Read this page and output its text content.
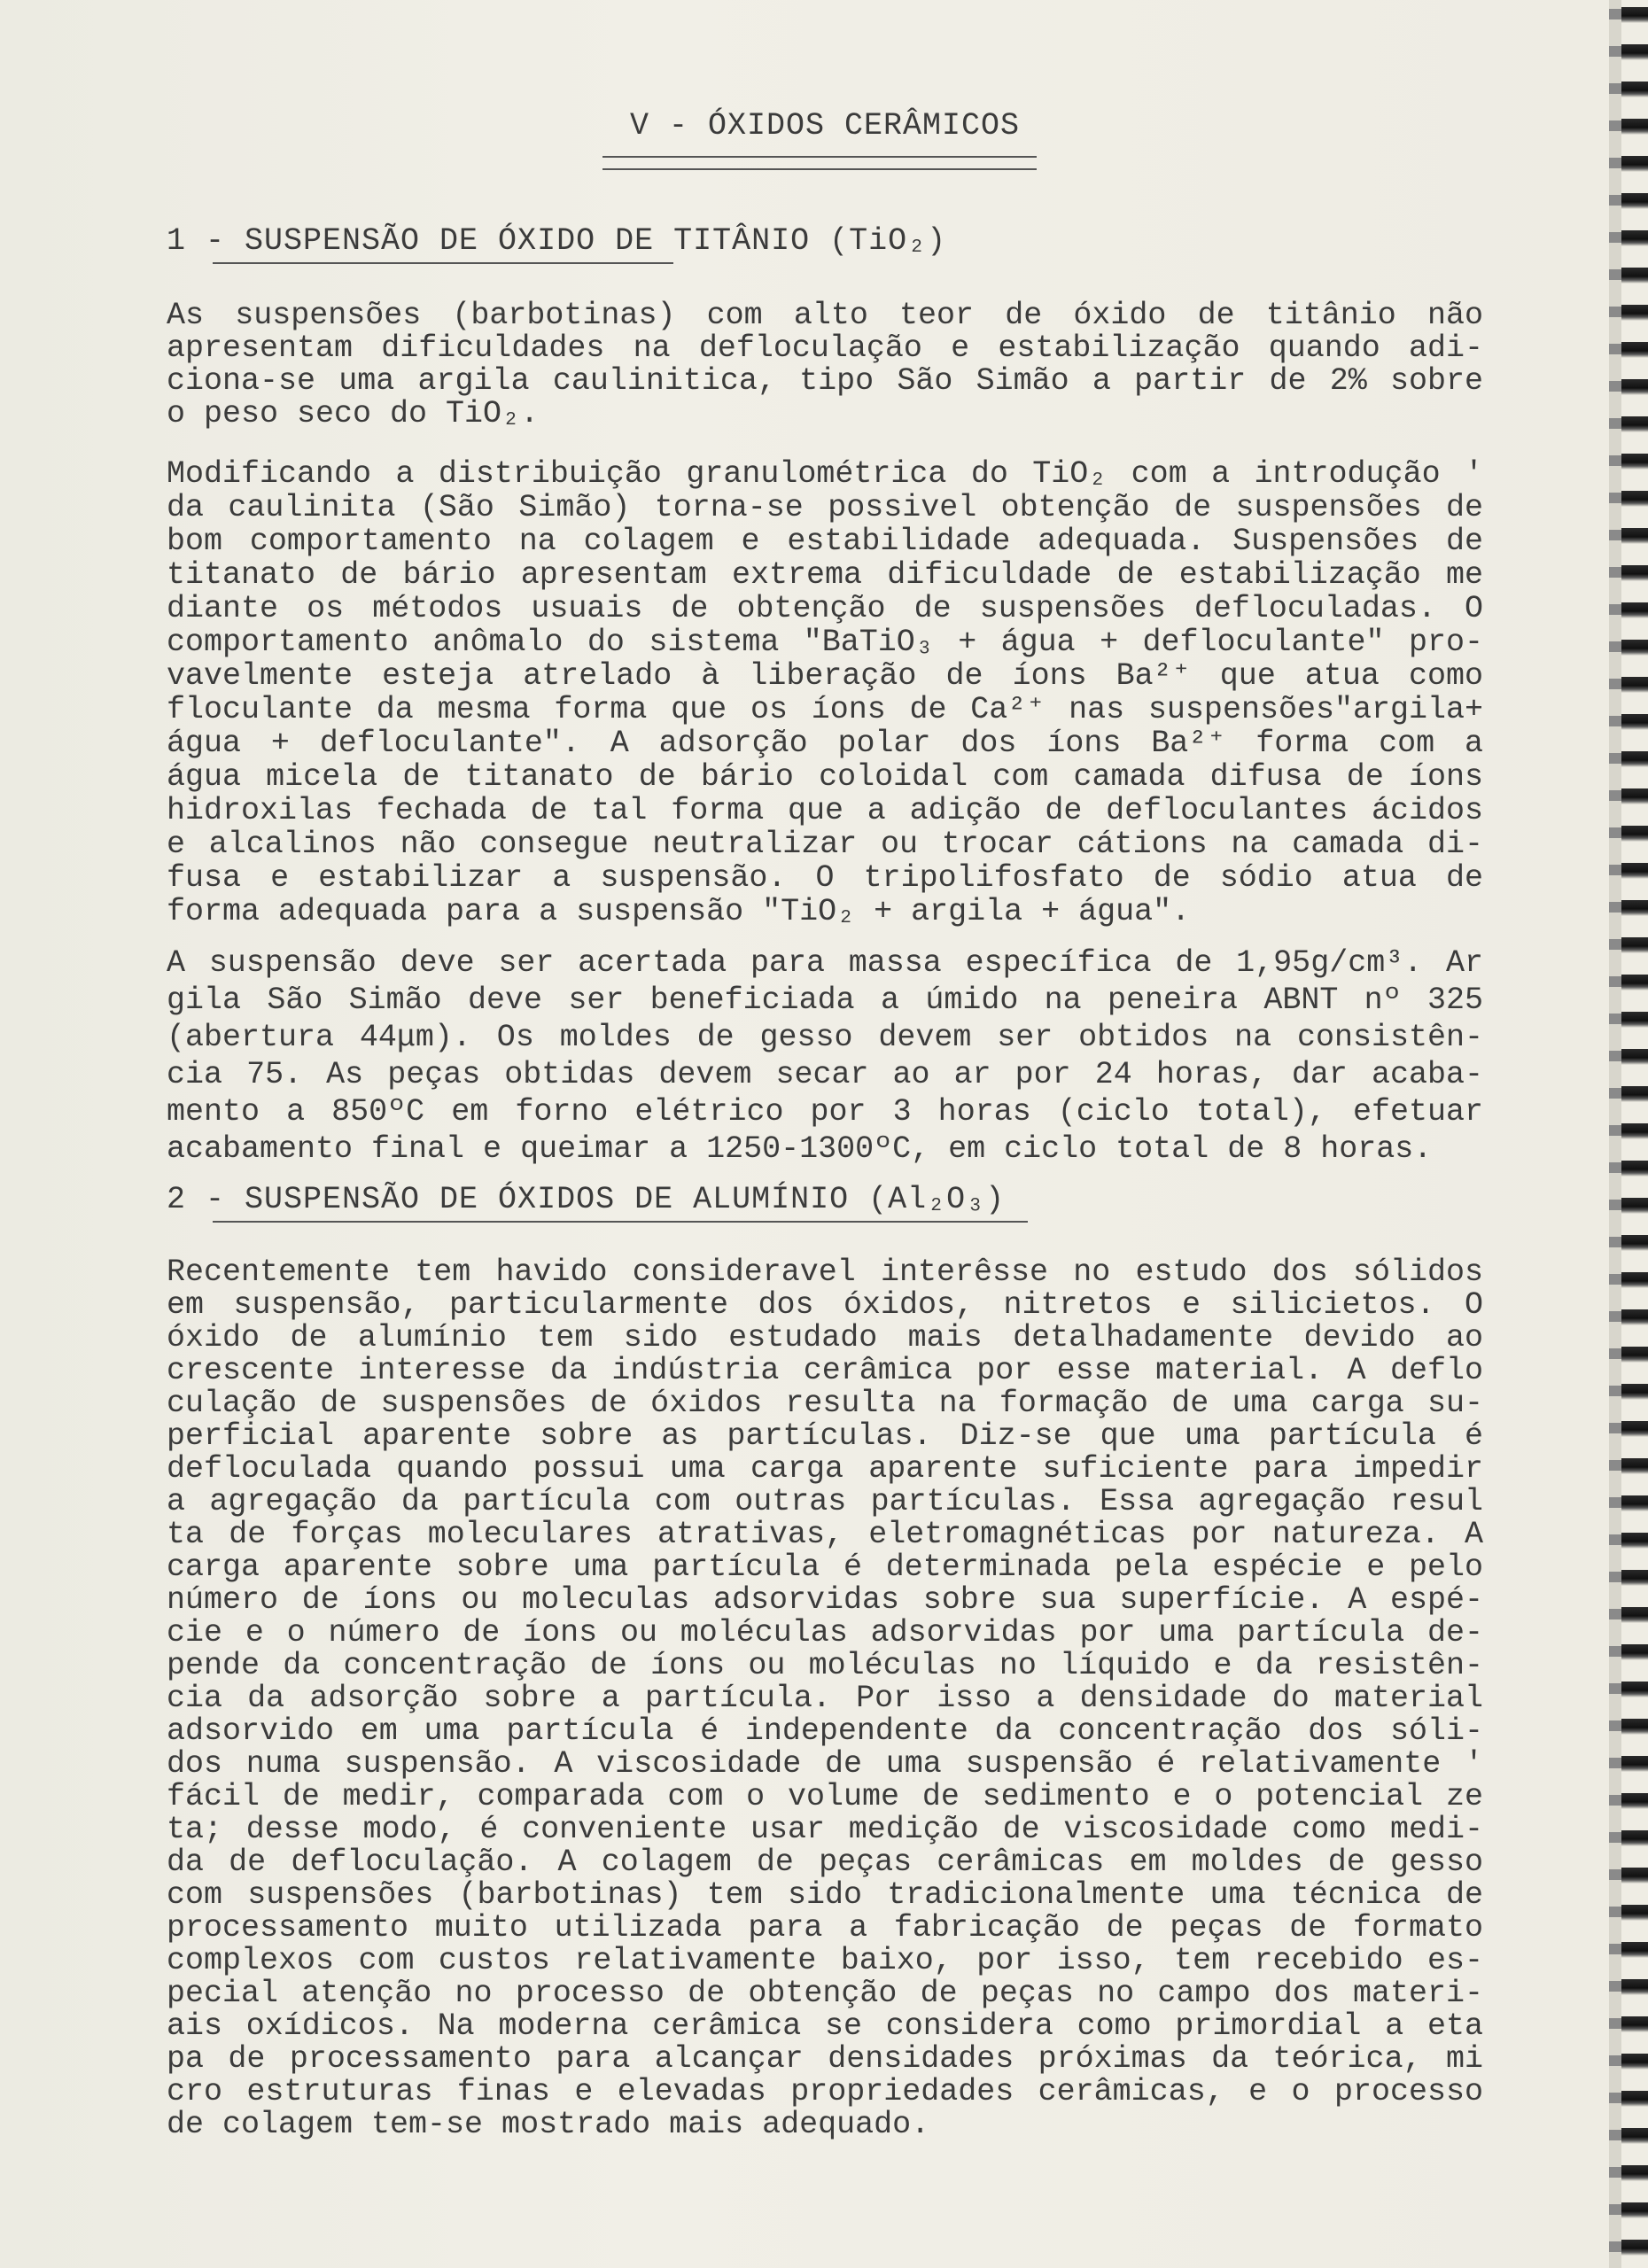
V - ÓXIDOS CERÂMICOS
1 - SUSPENSÃO DE ÓXIDO DE TITÂNIO (TiO₂)
As suspensões (barbotinas) com alto teor de óxido de titânio não
apresentam dificuldades na defloculação e estabilização quando adi-
ciona-se uma argila caulinitica, tipo São Simão a partir de 2% sobre
o peso seco do TiO₂.
Modificando a distribuição granulométrica do TiO₂ com a introdução '
da caulinita (São Simão) torna-se possivel obtenção de suspensões de
bom comportamento na colagem e estabilidade adequada. Suspensões de
titanato de bário apresentam extrema dificuldade de estabilização me
diante os métodos usuais de obtenção de suspensões defloculadas. O
comportamento anômalo do sistema "BaTiO₃ + água + defloculante" pro-
vavelmente esteja atrelado à liberação de íons Ba²⁺ que atua como
floculante da mesma forma que os íons de Ca²⁺ nas suspensões"argila+
água + defloculante". A adsorção polar dos íons Ba²⁺ forma com a
água micela de titanato de bário coloidal com camada difusa de íons
hidroxilas fechada de tal forma que a adição de defloculantes ácidos
e alcalinos não consegue neutralizar ou trocar cátions na camada di-
fusa e estabilizar a suspensão. O tripolifosfato de sódio atua de
forma adequada para a suspensão "TiO₂ + argila + água".
A suspensão deve ser acertada para massa específica de 1,95g/cm³. Ar
gila São Simão deve ser beneficiada a úmido na peneira ABNT nº 325
(abertura 44μm). Os moldes de gesso devem ser obtidos na consistên-
cia 75. As peças obtidas devem secar ao ar por 24 horas, dar acaba-
mento a 850ºC em forno elétrico por 3 horas (ciclo total), efetuar
acabamento final e queimar a 1250-1300ºC, em ciclo total de 8 horas.
2 - SUSPENSÃO DE ÓXIDOS DE ALUMÍNIO (Al₂O₃)
Recentemente tem havido consideravel interêsse no estudo dos sólidos
em suspensão, particularmente dos óxidos, nitretos e silicietos. O
óxido de alumínio tem sido estudado mais detalhadamente devido ao
crescente interesse da indústria cerâmica por esse material. A deflo
culação de suspensões de óxidos resulta na formação de uma carga su-
perficial aparente sobre as partículas. Diz-se que uma partícula é
defloculada quando possui uma carga aparente suficiente para impedir
a agregação da partícula com outras partículas. Essa agregação resul
ta de forças moleculares atrativas, eletromagnéticas por natureza. A
carga aparente sobre uma partícula é determinada pela espécie e pelo
número de íons ou moleculas adsorvidas sobre sua superfície. A espé-
cie e o número de íons ou moléculas adsorvidas por uma partícula de-
pende da concentração de íons ou moléculas no líquido e da resistên-
cia da adsorção sobre a partícula. Por isso a densidade do material
adsorvido em uma partícula é independente da concentração dos sóli-
dos numa suspensão. A viscosidade de uma suspensão é relativamente '
fácil de medir, comparada com o volume de sedimento e o potencial ze
ta; desse modo, é conveniente usar medição de viscosidade como medi-
da de defloculação. A colagem de peças cerâmicas em moldes de gesso
com suspensões (barbotinas) tem sido tradicionalmente uma técnica de
processamento muito utilizada para a fabricação de peças de formato
complexos com custos relativamente baixo, por isso, tem recebido es-
pecial atenção no processo de obtenção de peças no campo dos materi-
ais oxídicos. Na moderna cerâmica se considera como primordial a eta
pa de processamento para alcançar densidades próximas da teórica, mi
cro estruturas finas e elevadas propriedades cerâmicas, e o processo
de colagem tem-se mostrado mais adequado.
